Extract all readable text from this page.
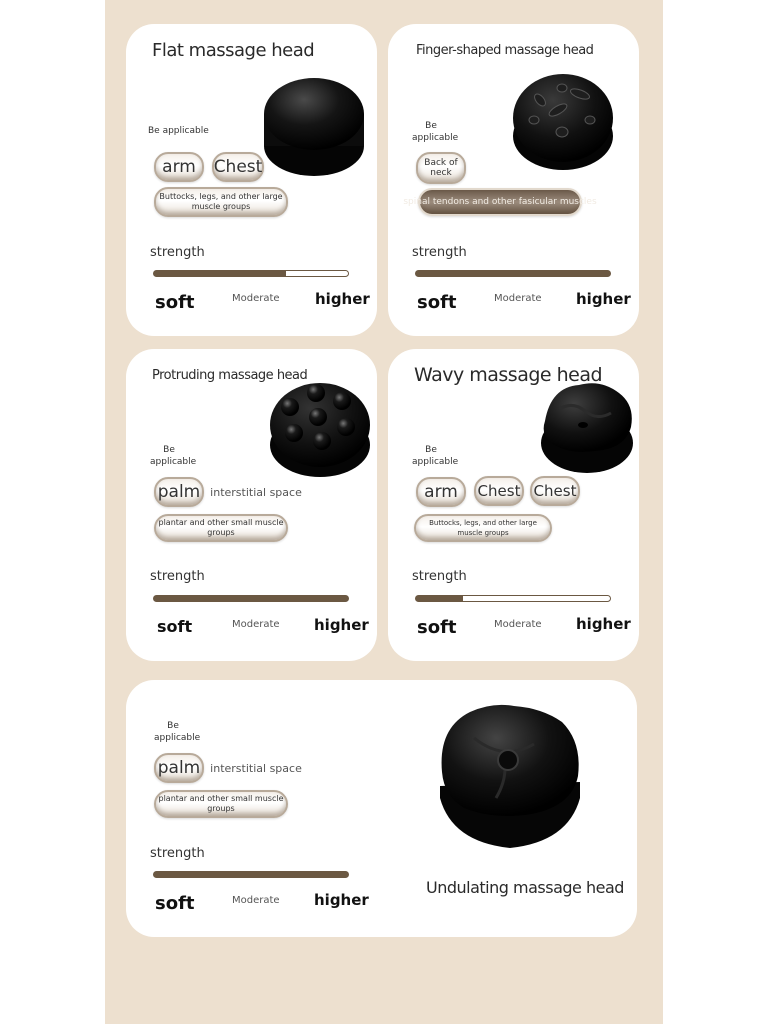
Flat massage head
Be applicable
arm	Chest
Buttocks, legs, and other large muscle groups
strength
soft	Moderate higher
Finger-shaped massage head
Be
applicable
Back of neck
spinal tendons and other fasicular muscles
strength
soft	Moderate higher
Protruding massage head
Be
applicable
palm interstitial space
plantar and other small muscle groups
strength
soft	Moderate higher
Wavy massage head
Be
applicable
arm	Chest Chest
Buttocks, legs, and other large muscle groups
strength
soft	Moderate higher
Be
applicable
palm interstitial space
plantar and other small muscle groups
strength
soft	Moderate higher
Undulating massage head
